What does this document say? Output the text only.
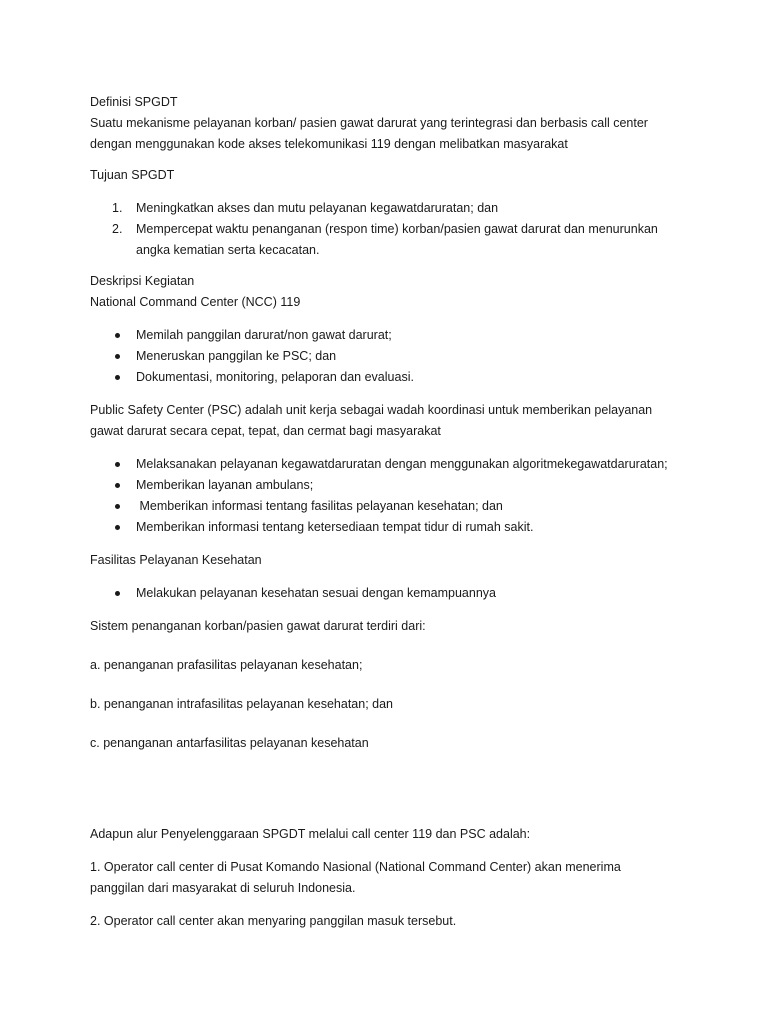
Definisi SPGDT

Suatu mekanisme pelayanan korban/ pasien gawat darurat yang terintegrasi dan berbasis call center

dengan menggunakan kode akses telekomunikasi 119 dengan melibatkan masyarakat

Tujuan SPGDT

1. Meningkatkan akses dan mutu pelayanan kegawatdaruratan; dan
2. Mempercepat waktu penanganan (respon time) korban/pasien gawat darurat dan menurunkan
angka kematian serta kecacatan.

Deskripsi Kegiatan

National Command Center (NCC) 119

Memilah panggilan darurat/non gawat darurat;
Meneruskan panggilan ke PSC; dan
Dokumentasi, monitoring, pelaporan dan evaluasi.

Public Safety Center (PSC) adalah unit kerja sebagai wadah koordinasi untuk memberikan pelayanan

gawat darurat secara cepat, tepat, dan cermat bagi masyarakat

Melaksanakan pelayanan kegawatdaruratan dengan menggunakan algoritmekegawatdaruratan;
Memberikan layanan ambulans;
Memberikan informasi tentang fasilitas pelayanan kesehatan; dan
Memberikan informasi tentang ketersediaan tempat tidur di rumah sakit.

Fasilitas Pelayanan Kesehatan

Melakukan pelayanan kesehatan sesuai dengan kemampuannya

Sistem penanganan korban/pasien gawat darurat terdiri dari:

a. penanganan prafasilitas pelayanan kesehatan;

b. penanganan intrafasilitas pelayanan kesehatan; dan

c. penanganan antarfasilitas pelayanan kesehatan

Adapun alur Penyelenggaraan SPGDT melalui call center 119 dan PSC adalah:

1. Operator call center di Pusat Komando Nasional (National Command Center) akan menerima

panggilan dari masyarakat di seluruh Indonesia.

2. Operator call center akan menyaring panggilan masuk tersebut.
